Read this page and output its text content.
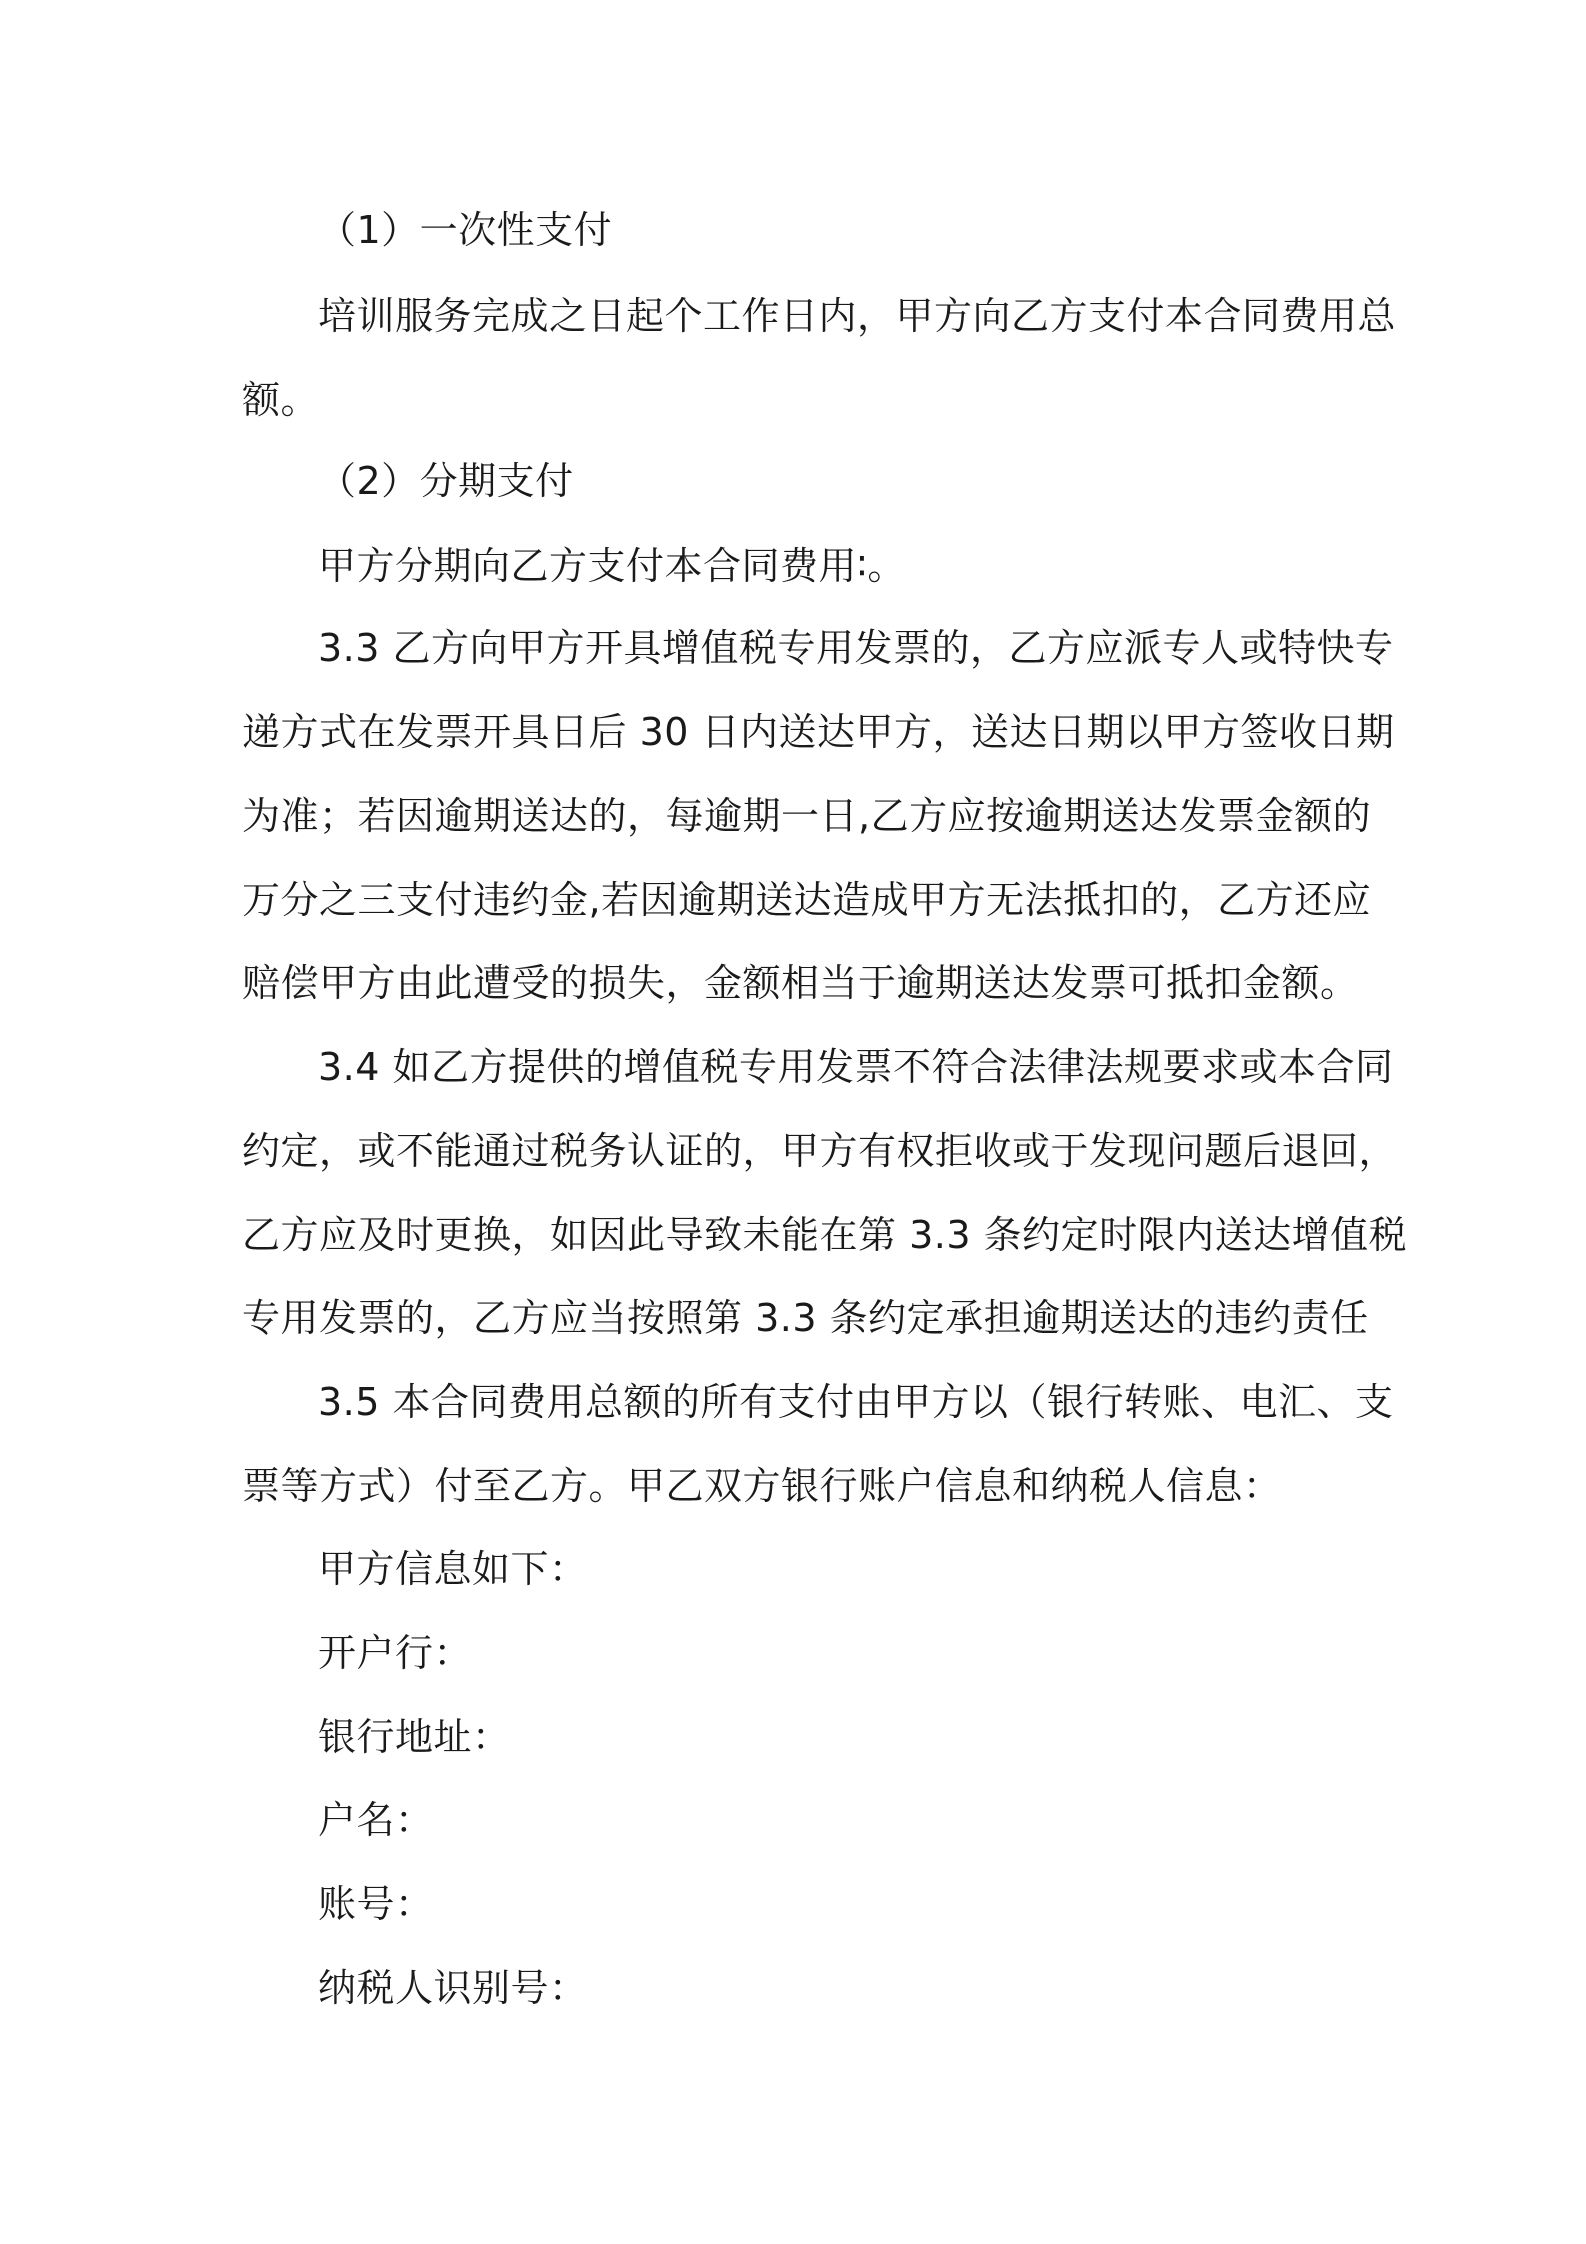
（1）一次性支付
培训服务完成之日起个工作日内，甲方向乙方支付本合同费用总
额。
（2）分期支付
甲方分期向乙方支付本合同费用∶。
3.3 乙方向甲方开具增值税专用发票的，乙方应派专人或特快专
递方式在发票开具日后 30 日内送达甲方，送达日期以甲方签收日期
为准；若因逾期送达的，每逾期一日,乙方应按逾期送达发票金额的
万分之三支付违约金,若因逾期送达造成甲方无法抵扣的，乙方还应
赔偿甲方由此遭受的损失，金额相当于逾期送达发票可抵扣金额。
3.4 如乙方提供的增值税专用发票不符合法律法规要求或本合同
约定，或不能通过税务认证的，甲方有权拒收或于发现问题后退回，
乙方应及时更换，如因此导致未能在第 3.3 条约定时限内送达增值税
专用发票的，乙方应当按照第 3.3 条约定承担逾期送达的违约责任
3.5 本合同费用总额的所有支付由甲方以（银行转账、电汇、支
票等方式）付至乙方。甲乙双方银行账户信息和纳税人信息：
甲方信息如下：
开户行：
银行地址：
户名：
账号：
纳税人识别号：
